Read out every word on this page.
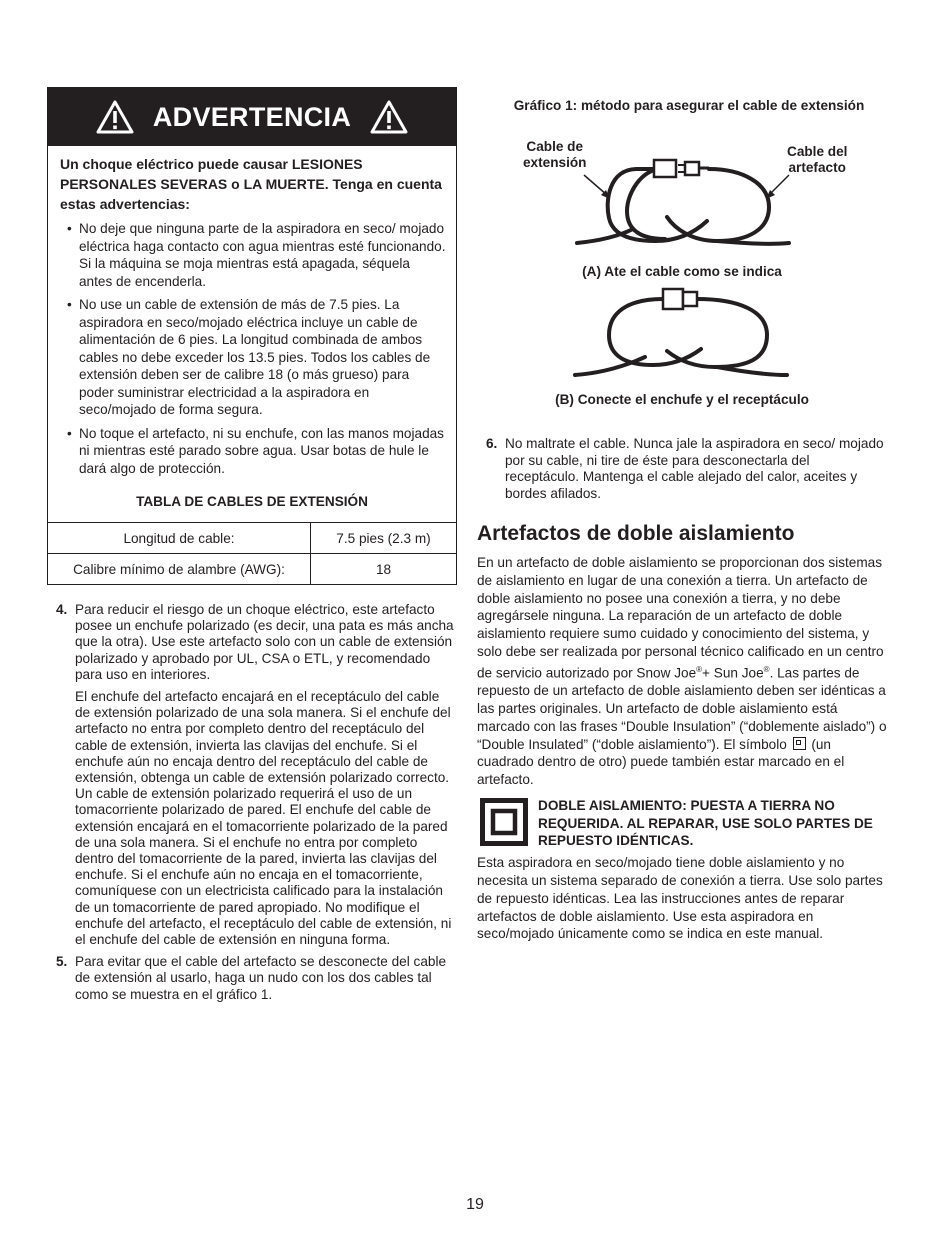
ADVERTENCIA

Un choque eléctrico puede causar LESIONES PERSONALES SEVERAS o LA MUERTE. Tenga en cuenta estas advertencias:

• No deje que ninguna parte de la aspiradora en seco/ mojado eléctrica haga contacto con agua mientras esté funcionando. Si la máquina se moja mientras está apagada, séquela antes de encenderla.
• No use un cable de extensión de más de 7.5 pies. La aspiradora en seco/mojado eléctrica incluye un cable de alimentación de 6 pies. La longitud combinada de ambos cables no debe exceder los 13.5 pies. Todos los cables de extensión deben ser de calibre 18 (o más grueso) para poder suministrar electricidad a la aspiradora en seco/mojado de forma segura.
• No toque el artefacto, ni su enchufe, con las manos mojadas ni mientras esté parado sobre agua. Usar botas de hule le dará algo de protección.
TABLA DE CABLES DE EXTENSIÓN
Longitud de cable:	7.5 pies (2.3 m)
Calibre mínimo de alambre (AWG):	18

4. Para reducir el riesgo de un choque eléctrico, este artefacto posee un enchufe polarizado (es decir, una pata es más ancha que la otra). Use este artefacto solo con un cable de extensión polarizado y aprobado por UL, CSA o ETL, y recomendado para uso en interiores.

El enchufe del artefacto encajará en el receptáculo del cable de extensión polarizado de una sola manera. Si el enchufe del artefacto no entra por completo dentro del receptáculo del cable de extensión, invierta las clavijas del enchufe. Si el enchufe aún no encaja dentro del receptáculo del cable de extensión, obtenga un cable de extensión polarizado correcto. Un cable de extensión polarizado requerirá el uso de un tomacorriente polarizado de pared. El enchufe del cable de extensión encajará en el tomacorriente polarizado de la pared de una sola manera. Si el enchufe no entra por completo dentro del tomacorriente de la pared, invierta las clavijas del enchufe. Si el enchufe aún no encaja en el tomacorriente, comuníquese con un electricista calificado para la instalación de un tomacorriente de pared apropiado. No modifique el enchufe del artefacto, el receptáculo del cable de extensión, ni el enchufe del cable de extensión en ninguna forma.

5. Para evitar que el cable del artefacto se desconecte del cable de extensión al usarlo, haga un nudo con los dos cables tal como se muestra en el gráfico 1.

Gráfico 1: método para asegurar el cable de extensión
Cable de
extensión
Cable del
artefacto
(A) Ate el cable como se indica
(B) Conecte el enchufe y el receptáculo

6. No maltrate el cable. Nunca jale la aspiradora en seco/ mojado por su cable, ni tire de éste para desconectarla del receptáculo. Mantenga el cable alejado del calor, aceites y bordes afilados.

Artefactos de doble aislamiento

En un artefacto de doble aislamiento se proporcionan dos sistemas de aislamiento en lugar de una conexión a tierra. Un artefacto de doble aislamiento no posee una conexión a tierra, y no debe agregársele ninguna. La reparación de un artefacto de doble aislamiento requiere sumo cuidado y conocimiento del sistema, y solo debe ser realizada por personal técnico calificado en un centro de servicio autorizado por Snow Joe®+ Sun Joe®. Las partes de repuesto de un artefacto de doble aislamiento deben ser idénticas a las partes originales. Un artefacto de doble aislamiento está marcado con las frases “Double Insulation” (“doblemente aislado”) o “Double Insulated” (“doble aislamiento”). El símbolo (un cuadrado dentro de otro) puede también estar marcado en el artefacto.

DOBLE AISLAMIENTO: PUESTA A TIERRA NO REQUERIDA. AL REPARAR, USE SOLO PARTES DE REPUESTO IDÉNTICAS.

Esta aspiradora en seco/mojado tiene doble aislamiento y no necesita un sistema separado de conexión a tierra. Use solo partes de repuesto idénticas. Lea las instrucciones antes de reparar artefactos de doble aislamiento. Use esta aspiradora en seco/mojado únicamente como se indica en este manual.

19
